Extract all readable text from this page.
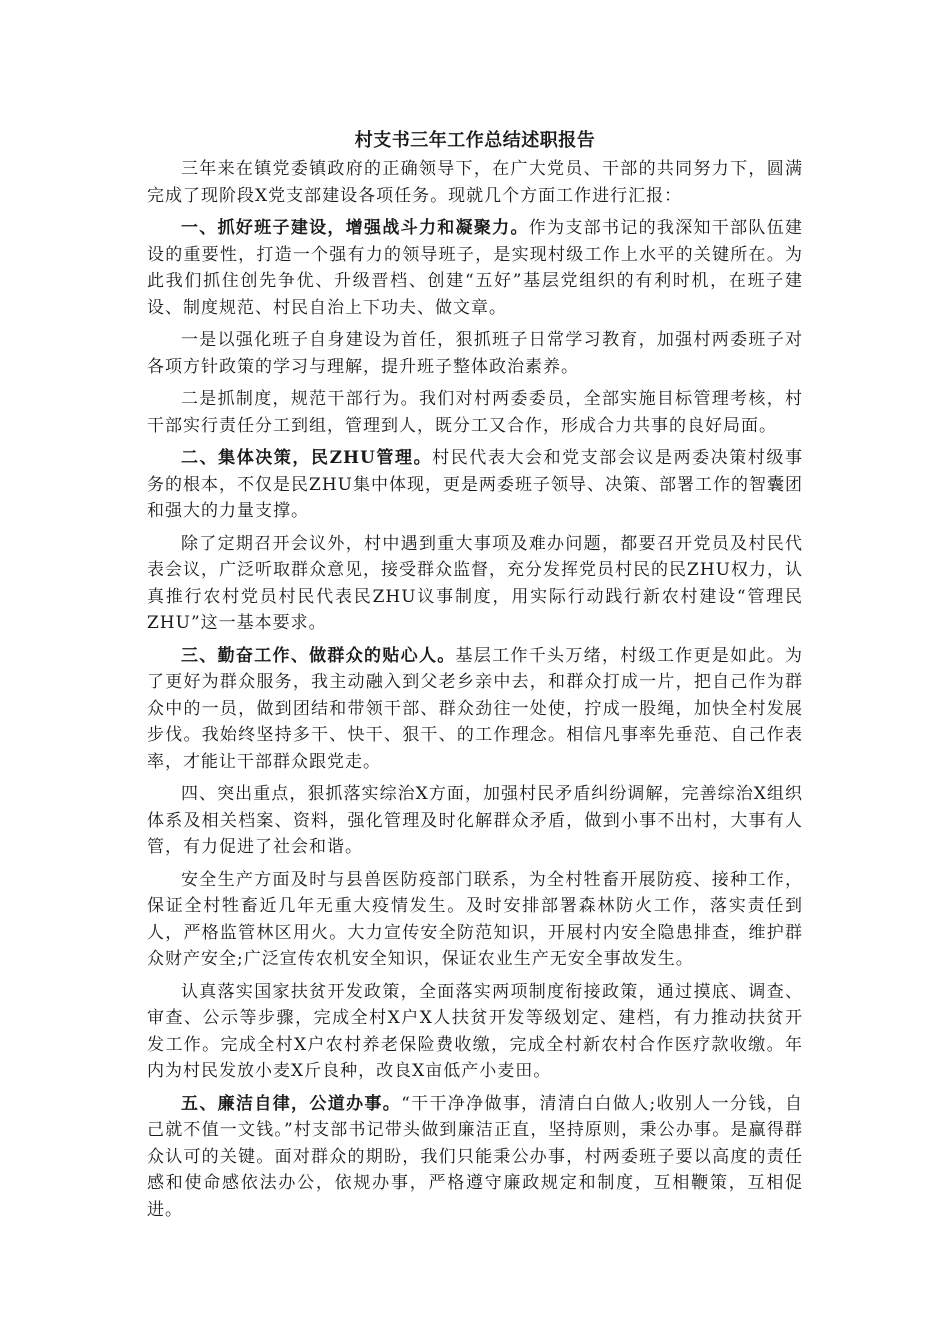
村支书三年工作总结述职报告

三年来在镇党委镇政府的正确领导下，在广大党员、干部的共同努力下，圆满完成了现阶段X党支部建设各项任务。现就几个方面工作进行汇报：

一、抓好班子建设，增强战斗力和凝聚力。作为支部书记的我深知干部队伍建设的重要性，打造一个强有力的领导班子，是实现村级工作上水平的关键所在。为此我们抓住创先争优、升级晋档、创建“五好”基层党组织的有利时机，在班子建设、制度规范、村民自治上下功夫、做文章。

一是以强化班子自身建设为首任，狠抓班子日常学习教育，加强村两委班子对各项方针政策的学习与理解，提升班子整体政治素养。

二是抓制度，规范干部行为。我们对村两委委员，全部实施目标管理考核，村干部实行责任分工到组，管理到人，既分工又合作，形成合力共事的良好局面。

二、集体决策，民ZHU管理。村民代表大会和党支部会议是两委决策村级事务的根本，不仅是民ZHU集中体现，更是两委班子领导、决策、部署工作的智囊团和强大的力量支撑。

除了定期召开会议外，村中遇到重大事项及难办问题，都要召开党员及村民代表会议，广泛听取群众意见，接受群众监督，充分发挥党员村民的民ZHU权力，认真推行农村党员村民代表民ZHU议事制度，用实际行动践行新农村建设“管理民ZHU”这一基本要求。

三、勤奋工作、做群众的贴心人。基层工作千头万绪，村级工作更是如此。为了更好为群众服务，我主动融入到父老乡亲中去，和群众打成一片，把自己作为群众中的一员，做到团结和带领干部、群众劲往一处使，拧成一股绳，加快全村发展步伐。我始终坚持多干、快干、狠干、的工作理念。相信凡事率先垂范、自己作表率，才能让干部群众跟党走。

四、突出重点，狠抓落实综治X方面，加强村民矛盾纠纷调解，完善综治X组织体系及相关档案、资料，强化管理及时化解群众矛盾，做到小事不出村，大事有人管，有力促进了社会和谐。

安全生产方面及时与县兽医防疫部门联系，为全村牲畜开展防疫、接种工作，保证全村牲畜近几年无重大疫情发生。及时安排部署森林防火工作，落实责任到人，严格监管林区用火。大力宣传安全防范知识，开展村内安全隐患排查，维护群众财产安全;广泛宣传农机安全知识，保证农业生产无安全事故发生。

认真落实国家扶贫开发政策，全面落实两项制度衔接政策，通过摸底、调查、审查、公示等步骤，完成全村X户X人扶贫开发等级划定、建档，有力推动扶贫开发工作。完成全村X户农村养老保险费收缴，完成全村新农村合作医疗款收缴。年内为村民发放小麦X斤良种，改良X亩低产小麦田。

五、廉洁自律，公道办事。“干干净净做事，清清白白做人;收别人一分钱，自己就不值一文钱。”村支部书记带头做到廉洁正直，坚持原则，秉公办事。是赢得群众认可的关键。面对群众的期盼，我们只能秉公办事，村两委班子要以高度的责任感和使命感依法办公，依规办事，严格遵守廉政规定和制度，互相鞭策，互相促进。
